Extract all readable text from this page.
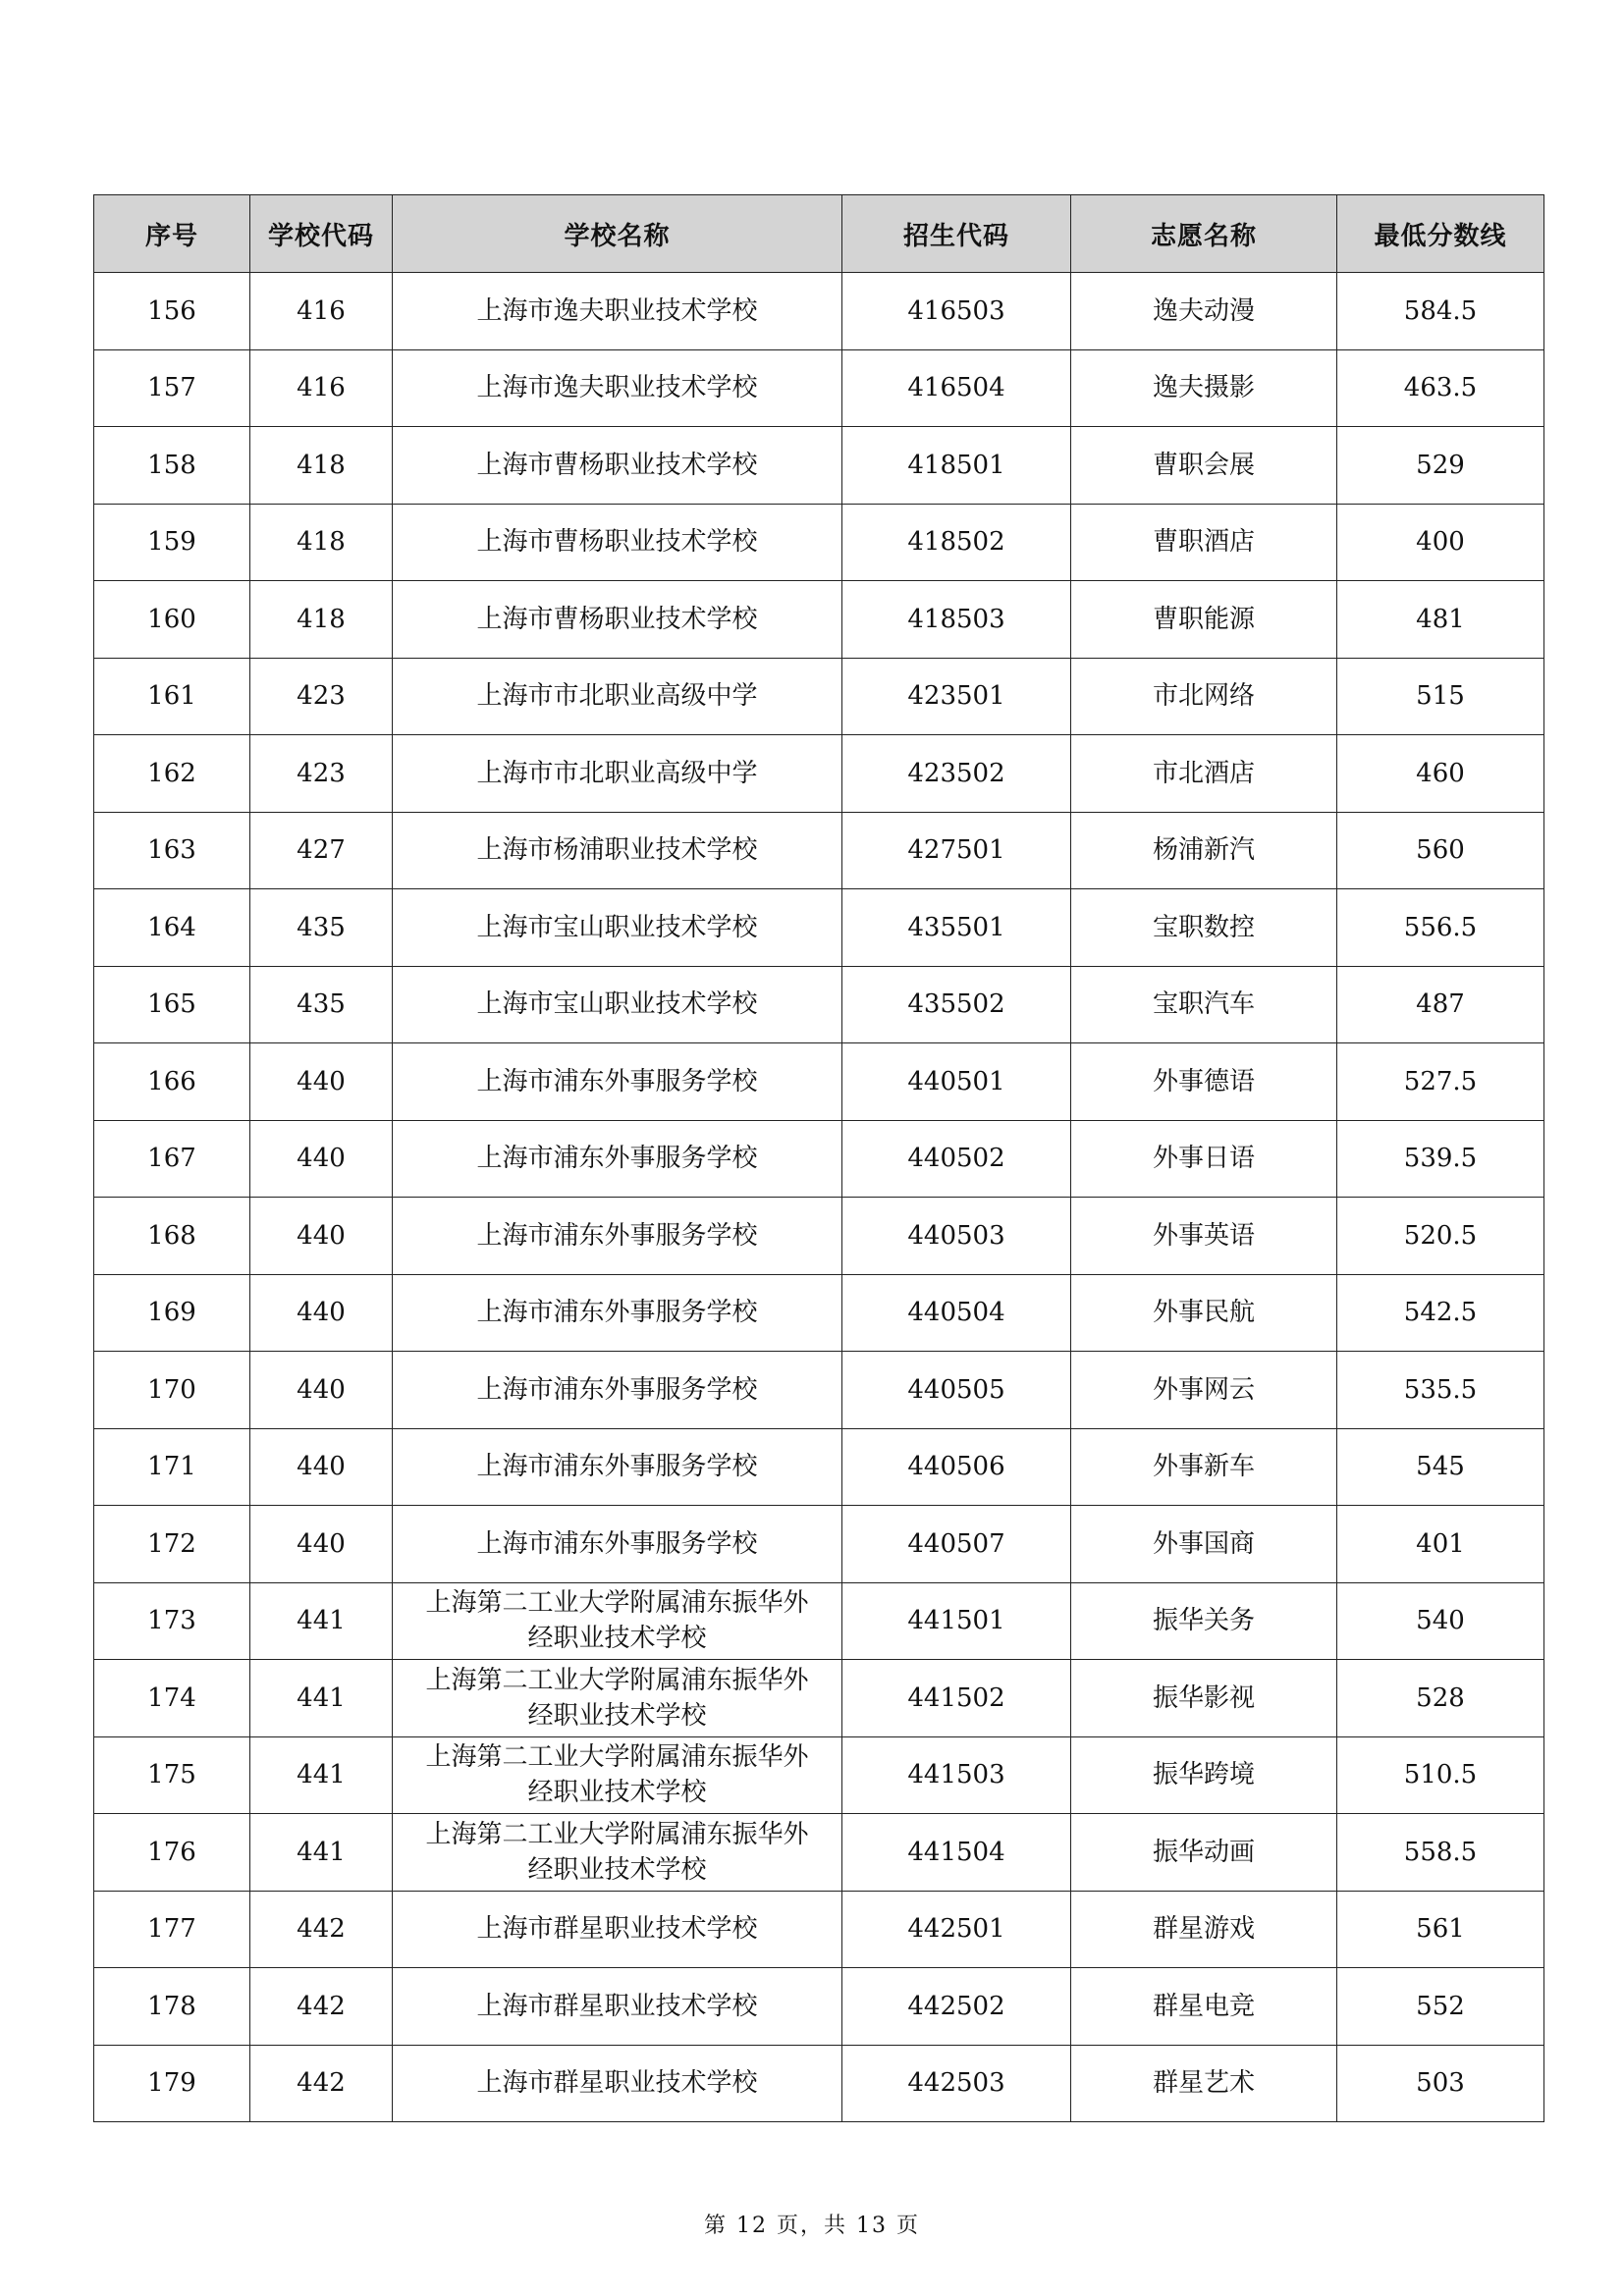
序号	学校代码	学校名称	招生代码	志愿名称	最低分数线
156	416	上海市逸夫职业技术学校	416503	逸夫动漫	584.5
157	416	上海市逸夫职业技术学校	416504	逸夫摄影	463.5
158	418	上海市曹杨职业技术学校	418501	曹职会展	529
159	418	上海市曹杨职业技术学校	418502	曹职酒店	400
160	418	上海市曹杨职业技术学校	418503	曹职能源	481
161	423	上海市市北职业高级中学	423501	市北网络	515
162	423	上海市市北职业高级中学	423502	市北酒店	460
163	427	上海市杨浦职业技术学校	427501	杨浦新汽	560
164	435	上海市宝山职业技术学校	435501	宝职数控	556.5
165	435	上海市宝山职业技术学校	435502	宝职汽车	487
166	440	上海市浦东外事服务学校	440501	外事德语	527.5
167	440	上海市浦东外事服务学校	440502	外事日语	539.5
168	440	上海市浦东外事服务学校	440503	外事英语	520.5
169	440	上海市浦东外事服务学校	440504	外事民航	542.5
170	440	上海市浦东外事服务学校	440505	外事网云	535.5
171	440	上海市浦东外事服务学校	440506	外事新车	545
172	440	上海市浦东外事服务学校	440507	外事国商	401
173	441	上海第二工业大学附属浦东振华外经职业技术学校	441501	振华关务	540
174	441	上海第二工业大学附属浦东振华外经职业技术学校	441502	振华影视	528
175	441	上海第二工业大学附属浦东振华外经职业技术学校	441503	振华跨境	510.5
176	441	上海第二工业大学附属浦东振华外经职业技术学校	441504	振华动画	558.5
177	442	上海市群星职业技术学校	442501	群星游戏	561
178	442	上海市群星职业技术学校	442502	群星电竞	552
179	442	上海市群星职业技术学校	442503	群星艺术	503
第 12 页，共 13 页
